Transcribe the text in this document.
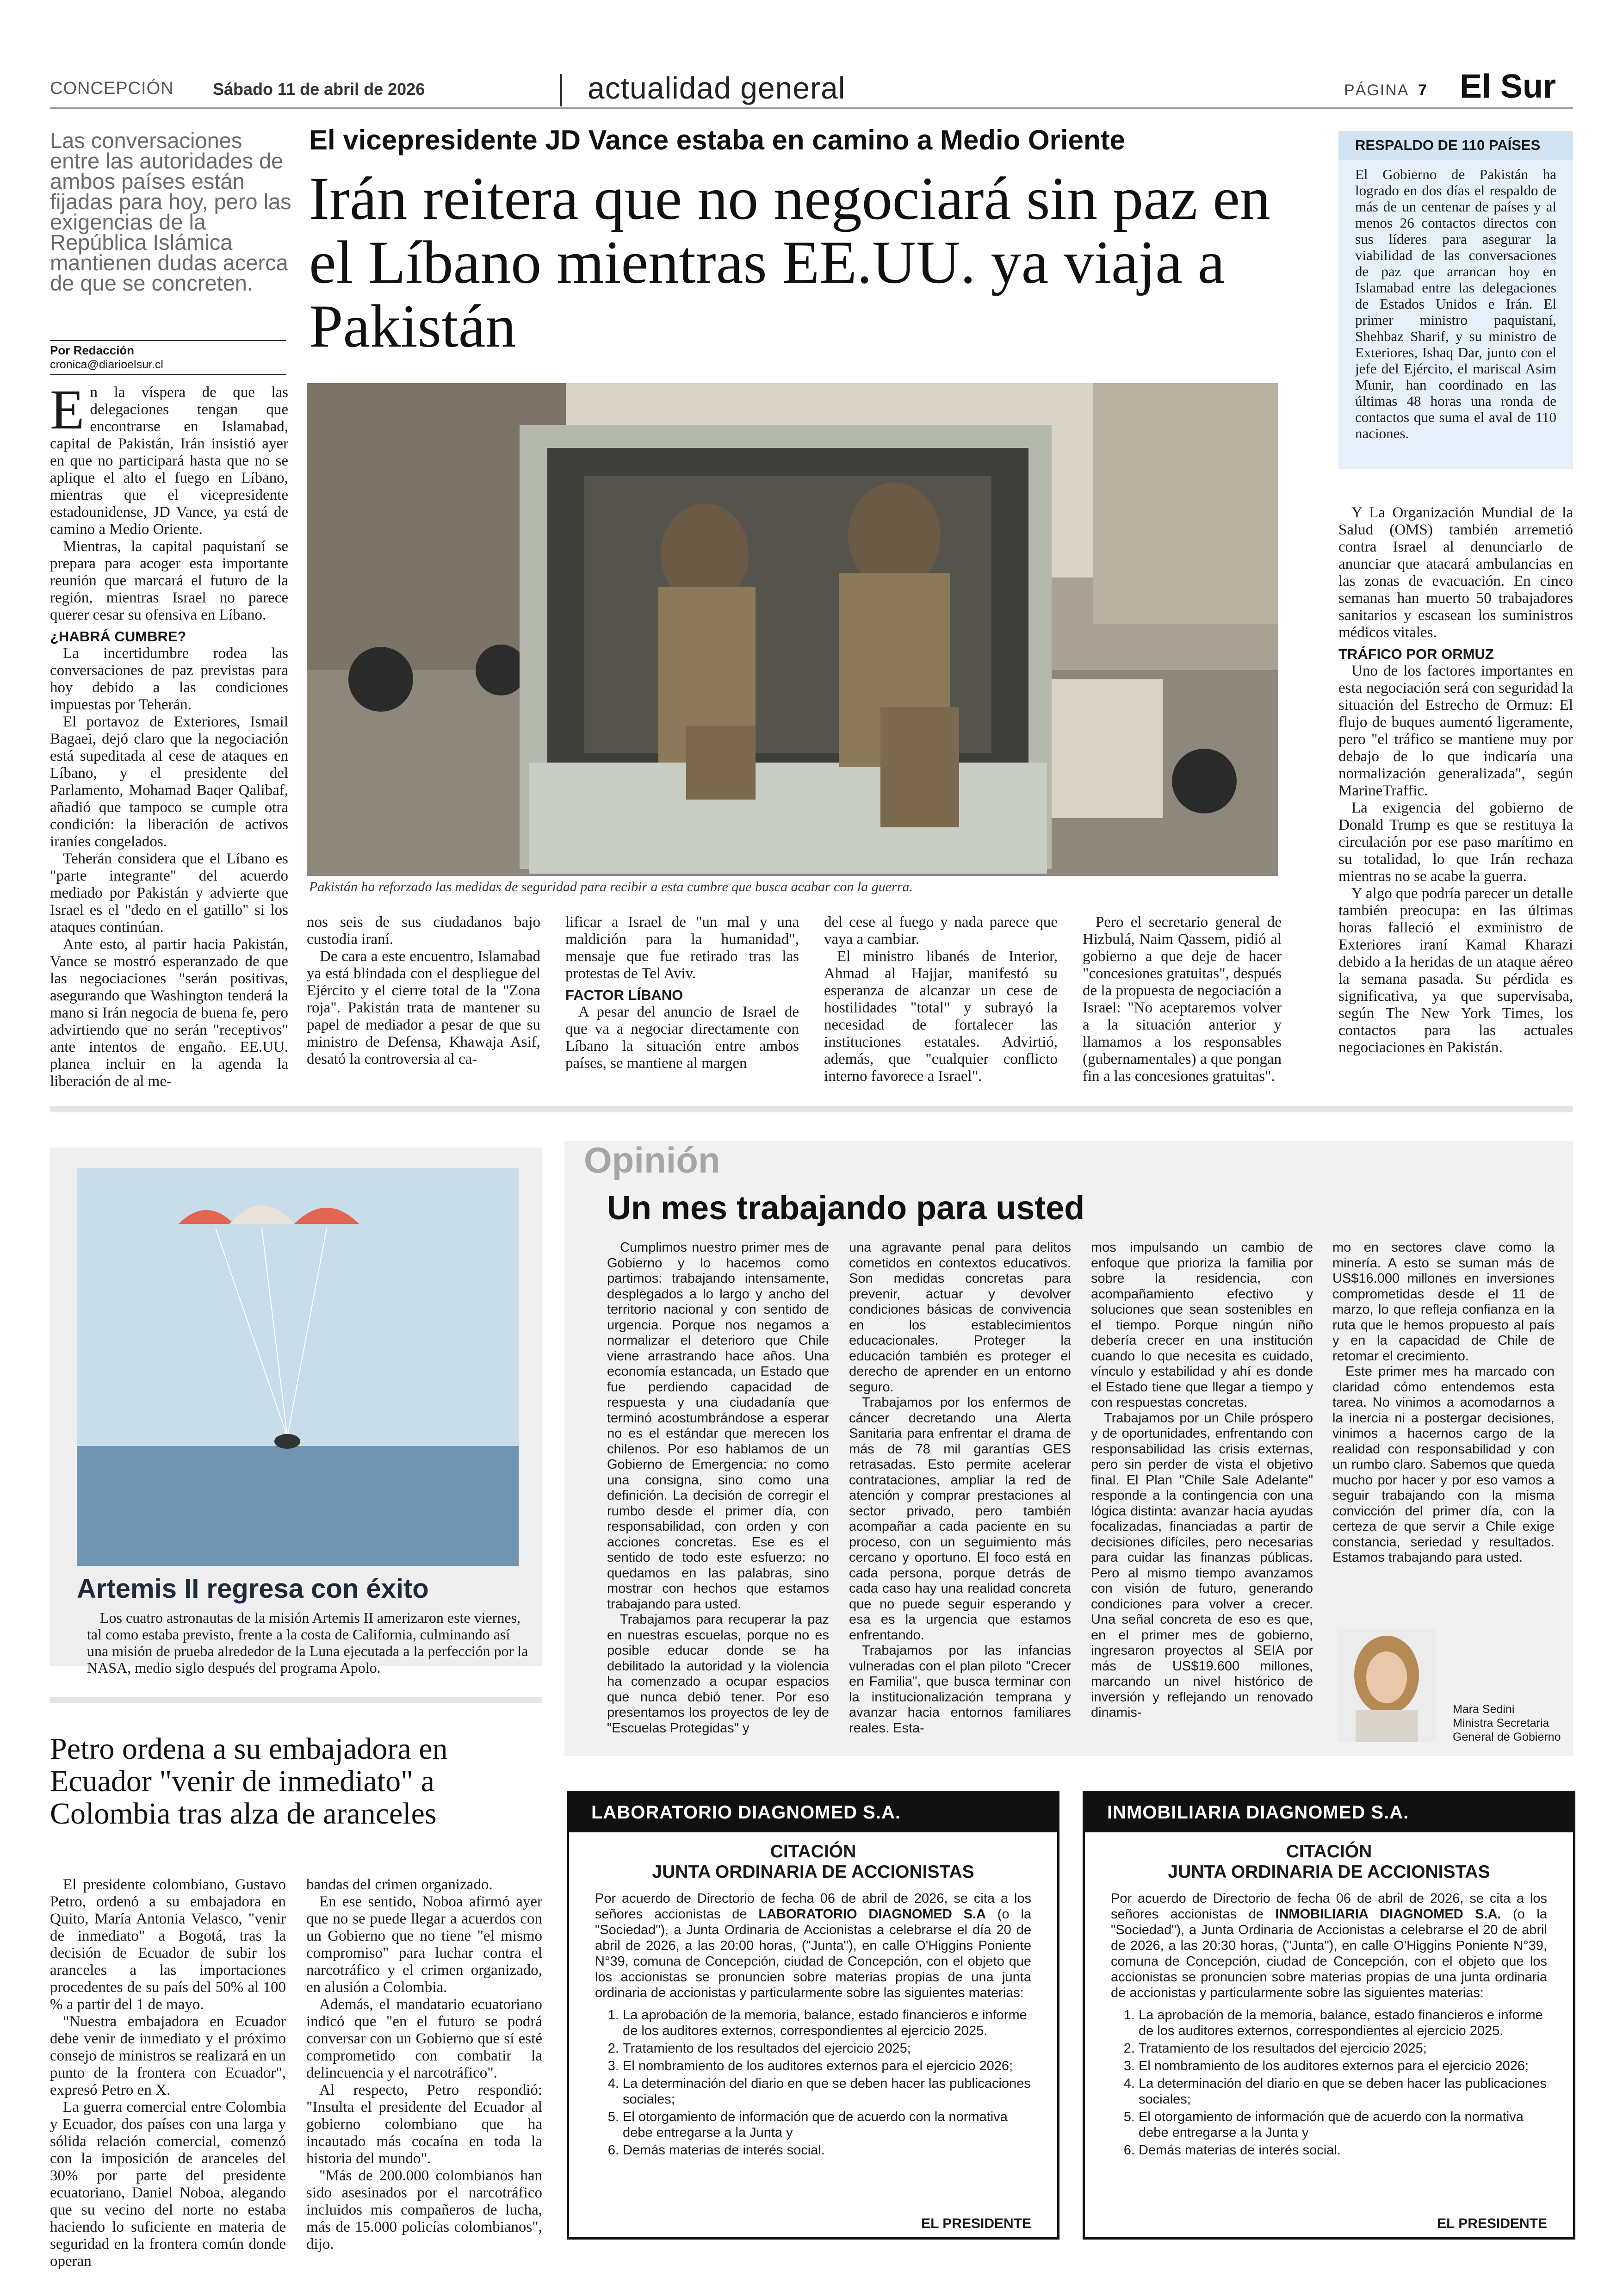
CONCEPCIÓN Sábado 11 de abril de 2026	actualidad general	PÁGINA 7 El Sur
Las conversaciones entre las autoridades de ambos países están fijadas para hoy, pero las exigencias de la República Islámica mantienen dudas acerca de que se concreten.
Por Redacción
cronica@diarioelsur.cl
El vicepresidente JD Vance estaba en camino a Medio Oriente
Irán reitera que no negociará sin paz en el Líbano mientras EE.UU. ya viaja a Pakistán
Pakistán ha reforzado las medidas de seguridad para recibir a esta cumbre que busca acabar con la guerra.

En la víspera de que las delegaciones tengan que encontrarse en Islamabad, capital de Pakistán, Irán insistió ayer en que no participará hasta que no se aplique el alto el fuego en Líbano, mientras que el vicepresidente estadounidense, JD Vance, ya está de camino a Medio Oriente.

Mientras, la capital paquistaní se prepara para acoger esta importante reunión que marcará el futuro de la región, mientras Israel no parece querer cesar su ofensiva en Líbano.

¿HABRÁ CUMBRE?

La incertidumbre rodea las conversaciones de paz previstas para hoy debido a las condiciones impuestas por Teherán.

El portavoz de Exteriores, Ismail Bagaei, dejó claro que la negociación está supeditada al cese de ataques en Líbano, y el presidente del Parlamento, Mohamad Baqer Qalibaf, añadió que tampoco se cumple otra condición: la liberación de activos iraníes congelados.

Teherán considera que el Líbano es "parte integrante" del acuerdo mediado por Pakistán y advierte que Israel es el "dedo en el gatillo" si los ataques continúan.

Ante esto, al partir hacia Pakistán, Vance se mostró esperanzado de que las negociaciones "serán positivas, asegurando que Washington tenderá la mano si Irán negocia de buena fe, pero advirtiendo que no serán "receptivos" ante intentos de engaño. EE.UU. planea incluir en la agenda la liberación de al me-

nos seis de sus ciudadanos bajo custodia iraní.

De cara a este encuentro, Islamabad ya está blindada con el despliegue del Ejército y el cierre total de la "Zona roja". Pakistán trata de mantener su papel de mediador a pesar de que su ministro de Defensa, Khawaja Asif, desató la controversia al ca-

lificar a Israel de "un mal y una maldición para la humanidad", mensaje que fue retirado tras las protestas de Tel Aviv.

FACTOR LÍBANO

A pesar del anuncio de Israel de que va a negociar directamente con Líbano la situación entre ambos países, se mantiene al margen

del cese al fuego y nada parece que vaya a cambiar.

El ministro libanés de Interior, Ahmad al Hajjar, manifestó su esperanza de alcanzar un cese de hostilidades "total" y subrayó la necesidad de fortalecer las instituciones estatales. Advirtió, además, que "cualquier conflicto interno favorece a Israel".

Pero el secretario general de Hizbulá, Naim Qassem, pidió al gobierno a que deje de hacer "concesiones gratuitas", después de la propuesta de negociación a Israel: "No aceptaremos volver a la situación anterior y llamamos a los responsables (gubernamentales) a que pongan fin a las concesiones gratuitas".

RESPALDO DE 110 PAÍSES
El Gobierno de Pakistán ha logrado en dos días el respaldo de más de un centenar de países y al menos 26 contactos directos con sus líderes para asegurar la viabilidad de las conversaciones de paz que arrancan hoy en Islamabad entre las delegaciones de Estados Unidos e Irán. El primer ministro paquistaní, Shehbaz Sharif, y su ministro de Exteriores, Ishaq Dar, junto con el jefe del Ejército, el mariscal Asim Munir, han coordinado en las últimas 48 horas una ronda de contactos que suma el aval de 110 naciones.

Y La Organización Mundial de la Salud (OMS) también arremetió contra Israel al denunciarlo de anunciar que atacará ambulancias en las zonas de evacuación. En cinco semanas han muerto 50 trabajadores sanitarios y escasean los suministros médicos vitales.

TRÁFICO POR ORMUZ

Uno de los factores importantes en esta negociación será con seguridad la situación del Estrecho de Ormuz: El flujo de buques aumentó ligeramente, pero "el tráfico se mantiene muy por debajo de lo que indicaría una normalización generalizada", según MarineTraffic.

La exigencia del gobierno de Donald Trump es que se restituya la circulación por ese paso marítimo en su totalidad, lo que Irán rechaza mientras no se acabe la guerra.

Y algo que podría parecer un detalle también preocupa: en las últimas horas falleció el exministro de Exteriores iraní Kamal Kharazi debido a la heridas de un ataque aéreo la semana pasada. Su pérdida es significativa, ya que supervisaba, según The New York Times, los contactos para las actuales negociaciones en Pakistán.

Artemis II regresa con éxito
Los cuatro astronautas de la misión Artemis II amerizaron este viernes, tal como estaba previsto, frente a la costa de California, culminando así una misión de prueba alrededor de la Luna ejecutada a la perfección por la NASA, medio siglo después del programa Apolo.
Petro ordena a su embajadora en Ecuador "venir de inmediato" a Colombia tras alza de aranceles

El presidente colombiano, Gustavo Petro, ordenó a su embajadora en Quito, María Antonia Velasco, "venir de inmediato" a Bogotá, tras la decisión de Ecuador de subir los aranceles a las importaciones procedentes de su país del 50% al 100 % a partir del 1 de mayo.

"Nuestra embajadora en Ecuador debe venir de inmediato y el próximo consejo de ministros se realizará en un punto de la frontera con Ecuador", expresó Petro en X.

La guerra comercial entre Colombia y Ecuador, dos países con una larga y sólida relación comercial, comenzó con la imposición de aranceles del 30% por parte del presidente ecuatoriano, Daniel Noboa, alegando que su vecino del norte no estaba haciendo lo suficiente en materia de seguridad en la frontera común donde operan

bandas del crimen organizado.

En ese sentido, Noboa afirmó ayer que no se puede llegar a acuerdos con un Gobierno que no tiene "el mismo compromiso" para luchar contra el narcotráfico y el crimen organizado, en alusión a Colombia.

Además, el mandatario ecuatoriano indicó que "en el futuro se podrá conversar con un Gobierno que sí esté comprometido con combatir la delincuencia y el narcotráfico".

Al respecto, Petro respondió: "Insulta el presidente del Ecuador al gobierno colombiano que ha incautado más cocaína en toda la historia del mundo".

"Más de 200.000 colombianos han sido asesinados por el narcotráfico incluidos mis compañeros de lucha, más de 15.000 policías colombianos", dijo.

Opinión
Un mes trabajando para usted

Cumplimos nuestro primer mes de Gobierno y lo hacemos como partimos: trabajando intensamente, desplegados a lo largo y ancho del territorio nacional y con sentido de urgencia. Porque nos negamos a normalizar el deterioro que Chile viene arrastrando hace años. Una economía estancada, un Estado que fue perdiendo capacidad de respuesta y una ciudadanía que terminó acostumbrándose a esperar no es el estándar que merecen los chilenos. Por eso hablamos de un Gobierno de Emergencia: no como una consigna, sino como una definición. La decisión de corregir el rumbo desde el primer día, con responsabilidad, con orden y con acciones concretas. Ese es el sentido de todo este esfuerzo: no quedamos en las palabras, sino mostrar con hechos que estamos trabajando para usted.

Trabajamos para recuperar la paz en nuestras escuelas, porque no es posible educar donde se ha debilitado la autoridad y la violencia ha comenzado a ocupar espacios que nunca debió tener. Por eso presentamos los proyectos de ley de "Escuelas Protegidas" y

una agravante penal para delitos cometidos en contextos educativos. Son medidas concretas para prevenir, actuar y devolver condiciones básicas de convivencia en los establecimientos educacionales. Proteger la educación también es proteger el derecho de aprender en un entorno seguro.

Trabajamos por los enfermos de cáncer decretando una Alerta Sanitaria para enfrentar el drama de más de 78 mil garantías GES retrasadas. Esto permite acelerar contrataciones, ampliar la red de atención y comprar prestaciones al sector privado, pero también acompañar a cada paciente en su proceso, con un seguimiento más cercano y oportuno. El foco está en cada persona, porque detrás de cada caso hay una realidad concreta que no puede seguir esperando y esa es la urgencia que estamos enfrentando.

Trabajamos por las infancias vulneradas con el plan piloto "Crecer en Familia", que busca terminar con la institucionalización temprana y avanzar hacia entornos familiares reales. Esta-

mos impulsando un cambio de enfoque que prioriza la familia por sobre la residencia, con acompañamiento efectivo y soluciones que sean sostenibles en el tiempo. Porque ningún niño debería crecer en una institución cuando lo que necesita es cuidado, vínculo y estabilidad y ahí es donde el Estado tiene que llegar a tiempo y con respuestas concretas.

Trabajamos por un Chile próspero y de oportunidades, enfrentando con responsabilidad las crisis externas, pero sin perder de vista el objetivo final. El Plan "Chile Sale Adelante" responde a la contingencia con una lógica distinta: avanzar hacia ayudas focalizadas, financiadas a partir de decisiones difíciles, pero necesarias para cuidar las finanzas públicas. Pero al mismo tiempo avanzamos con visión de futuro, generando condiciones para volver a crecer. Una señal concreta de eso es que, en el primer mes de gobierno, ingresaron proyectos al SEIA por más de US$19.600 millones, marcando un nivel histórico de inversión y reflejando un renovado dinamis-

mo en sectores clave como la minería. A esto se suman más de US$16.000 millones en inversiones comprometidas desde el 11 de marzo, lo que refleja confianza en la ruta que le hemos propuesto al país y en la capacidad de Chile de retomar el crecimiento.

Este primer mes ha marcado con claridad cómo entendemos esta tarea. No vinimos a acomodarnos a la inercia ni a postergar decisiones, vinimos a hacernos cargo de la realidad con responsabilidad y con un rumbo claro. Sabemos que queda mucho por hacer y por eso vamos a seguir trabajando con la misma convicción del primer día, con la certeza de que servir a Chile exige constancia, seriedad y resultados. Estamos trabajando para usted.

Mara Sedini
Ministra Secretaria
General de Gobierno
LABORATORIO DIAGNOMED S.A.
CITACIÓN
JUNTA ORDINARIA DE ACCIONISTAS
Por acuerdo de Directorio de fecha 06 de abril de 2026, se cita a los señores accionistas de LABORATORIO DIAGNOMED S.A (o la "Sociedad"), a Junta Ordinaria de Accionistas a celebrarse el día 20 de abril de 2026, a las 20:00 horas, ("Junta"), en calle O'Higgins Poniente N°39, comuna de Concepción, ciudad de Concepción, con el objeto que los accionistas se pronuncien sobre materias propias de una junta ordinaria de accionistas y particularmente sobre las siguientes materias:
1. La aprobación de la memoria, balance, estado financieros e informe de los auditores externos, correspondientes al ejercicio 2025.
2. Tratamiento de los resultados del ejercicio 2025;
3. El nombramiento de los auditores externos para el ejercicio 2026;
4. La determinación del diario en que se deben hacer las publicaciones sociales;
5. El otorgamiento de información que de acuerdo con la normativa debe entregarse a la Junta y
6. Demás materias de interés social.
EL PRESIDENTE
INMOBILIARIA DIAGNOMED S.A.
CITACIÓN
JUNTA ORDINARIA DE ACCIONISTAS
Por acuerdo de Directorio de fecha 06 de abril de 2026, se cita a los señores accionistas de INMOBILIARIA DIAGNOMED S.A. (o la "Sociedad"), a Junta Ordinaria de Accionistas a celebrarse el 20 de abril de 2026, a las 20:30 horas, ("Junta"), en calle O'Higgins Poniente N°39, comuna de Concepción, ciudad de Concepción, con el objeto que los accionistas se pronuncien sobre materias propias de una junta ordinaria de accionistas y particularmente sobre las siguientes materias:
1. La aprobación de la memoria, balance, estado financieros e informe de los auditores externos, correspondientes al ejercicio 2025.
2. Tratamiento de los resultados del ejercicio 2025;
3. El nombramiento de los auditores externos para el ejercicio 2026;
4. La determinación del diario en que se deben hacer las publicaciones sociales;
5. El otorgamiento de información que de acuerdo con la normativa debe entregarse a la Junta y
6. Demás materias de interés social.
EL PRESIDENTE
